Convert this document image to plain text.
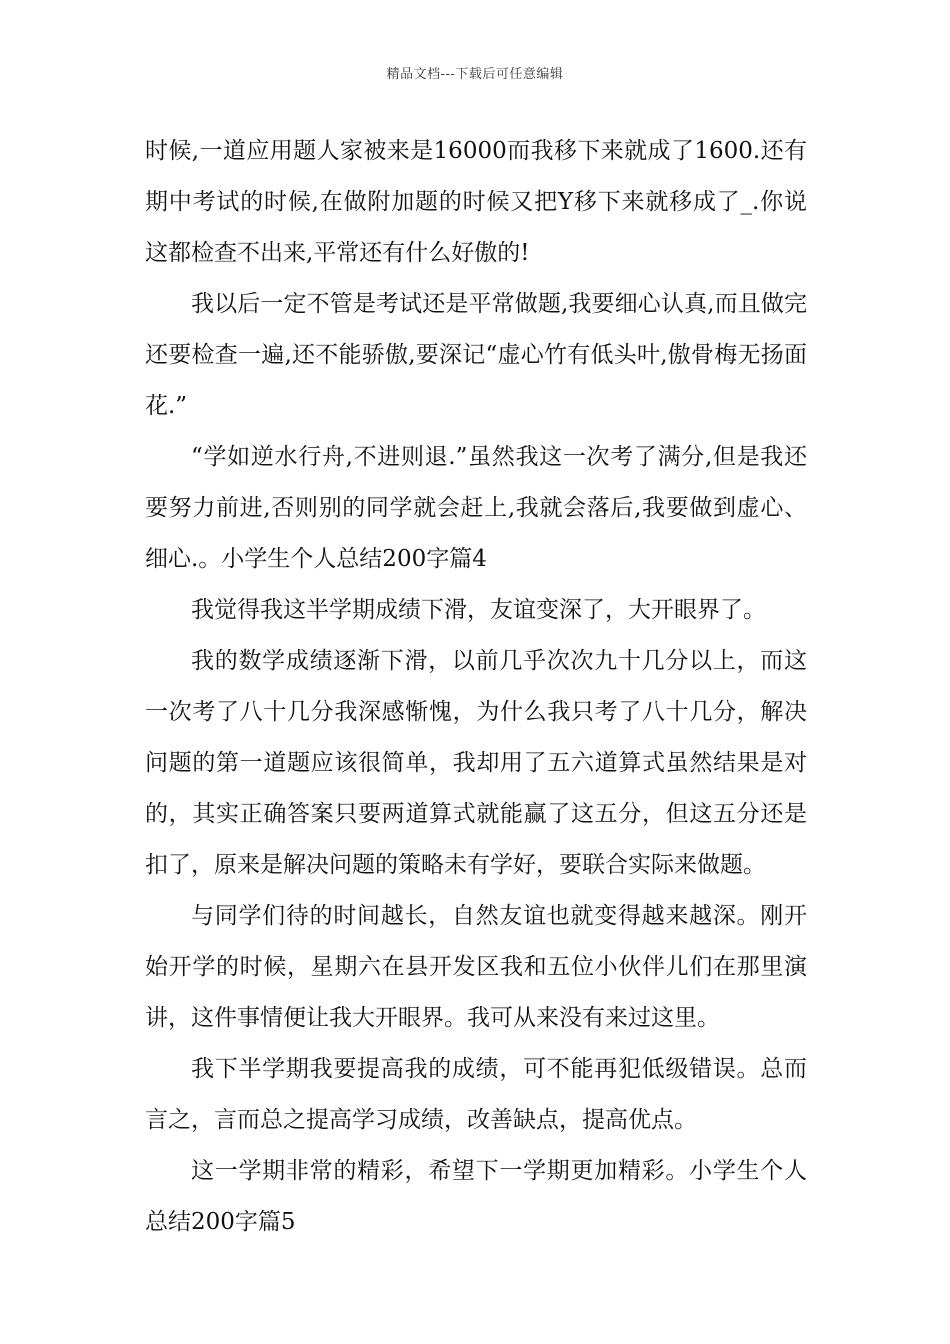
精品文档---下载后可任意编辑

时候,一道应用题人家被来是16000而我移下来就成了1600.还有期中考试的时候,在做附加题的时候又把Y移下来就移成了_.你说这都检查不出来,平常还有什么好傲的!

我以后一定不管是考试还是平常做题,我要细心认真,而且做完还要检查一遍,还不能骄傲,要深记“虚心竹有低头叶,傲骨梅无扬面花.”

“学如逆水行舟,不进则退.”虽然我这一次考了满分,但是我还要努力前进,否则别的同学就会赶上,我就会落后,我要做到虚心、细心.。小学生个人总结200字篇4

我觉得我这半学期成绩下滑，友谊变深了，大开眼界了。

我的数学成绩逐渐下滑，以前几乎次次九十几分以上，而这一次考了八十几分我深感惭愧，为什么我只考了八十几分，解决问题的第一道题应该很简单，我却用了五六道算式虽然结果是对的，其实正确答案只要两道算式就能赢了这五分，但这五分还是扣了，原来是解决问题的策略未有学好，要联合实际来做题。

与同学们待的时间越长，自然友谊也就变得越来越深。刚开始开学的时候，星期六在县开发区我和五位小伙伴儿们在那里演讲，这件事情便让我大开眼界。我可从来没有来过这里。

我下半学期我要提高我的成绩，可不能再犯低级错误。总而言之，言而总之提高学习成绩，改善缺点，提高优点。

这一学期非常的精彩，希望下一学期更加精彩。小学生个人总结200字篇5
